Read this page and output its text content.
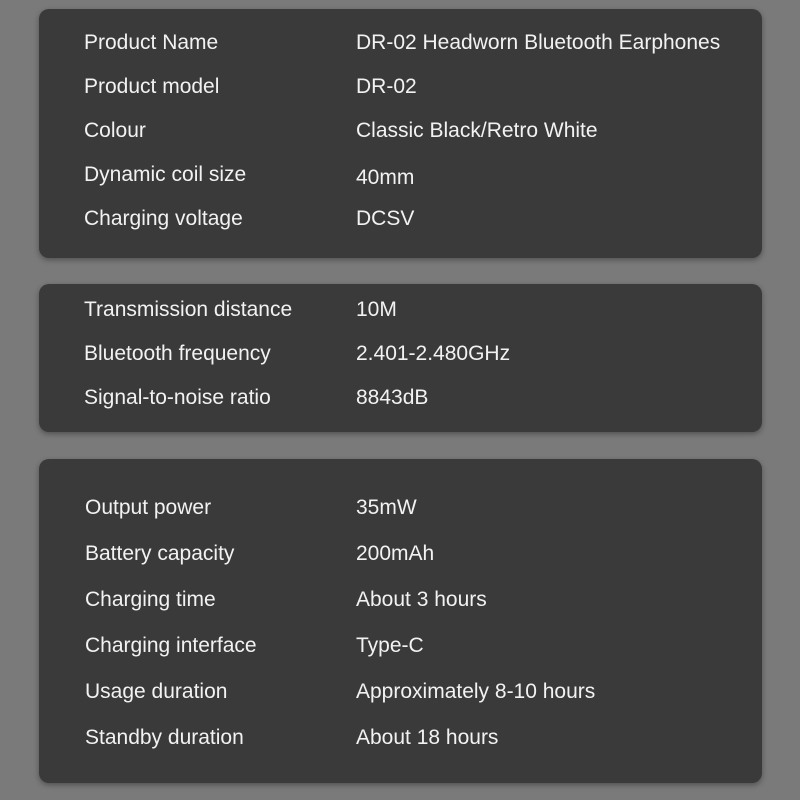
Product Name	DR-02 Headworn Bluetooth Earphones
Product model	DR-02
Colour	Classic Black/Retro White
Dynamic coil size	40mm
Charging voltage	DCSV
Transmission distance	10M
Bluetooth frequency	2.401-2.480GHz
Signal-to-noise ratio	8843dB
Output power	35mW
Battery capacity	200mAh
Charging time	About 3 hours
Charging interface	Type-C
Usage duration	Approximately 8-10 hours
Standby duration	About 18 hours
